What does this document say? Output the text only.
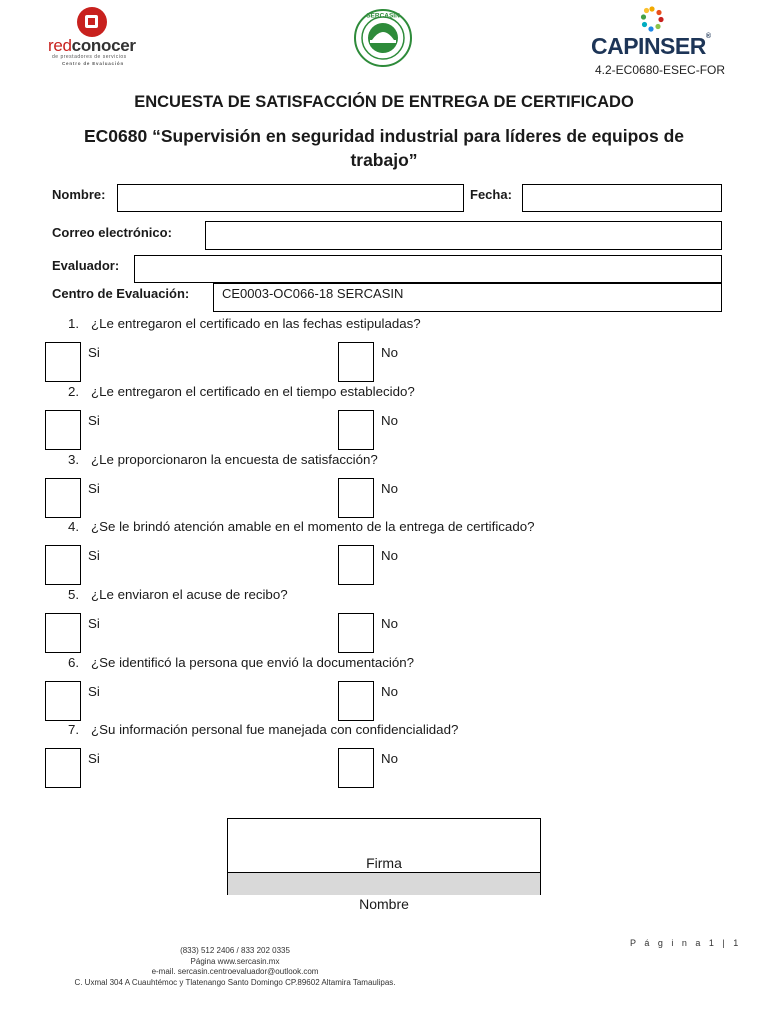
redconocer
de prestadores de servicios
Centro de Evaluación
SERCASIN
CAPINSER®
4.2-EC0680-ESEC-FOR
ENCUESTA DE SATISFACCIÓN DE ENTREGA DE CERTIFICADO
EC0680 “Supervisión en seguridad industrial para líderes de equipos de trabajo”
Nombre:	Fecha:
Correo electrónico:
Evaluador:
Centro de Evaluación:	CE0003-OC066-18 SERCASIN
1. ¿Le entregaron el certificado en las fechas estipuladas?
Si	No
2. ¿Le entregaron el certificado en el tiempo establecido?
Si	No
3. ¿Le proporcionaron la encuesta de satisfacción?
Si	No
4. ¿Se le brindó atención amable en el momento de la entrega de certificado?
Si	No
5. ¿Le enviaron el acuse de recibo?
Si	No
6. ¿Se identificó la persona que envió la documentación?
Si	No
7. ¿Su información personal fue manejada con confidencialidad?
Si	No
Firma
Nombre
(833) 512 2406 / 833 202 0335
Página www.sercasin.mx
e-mail. sercasin.centroevaluador@outlook.com
C. Uxmal 304 A Cuauhtémoc y Tlatenango Santo Domingo CP.89602 Altamira Tamaulipas.
P á g i n a 1 | 1
